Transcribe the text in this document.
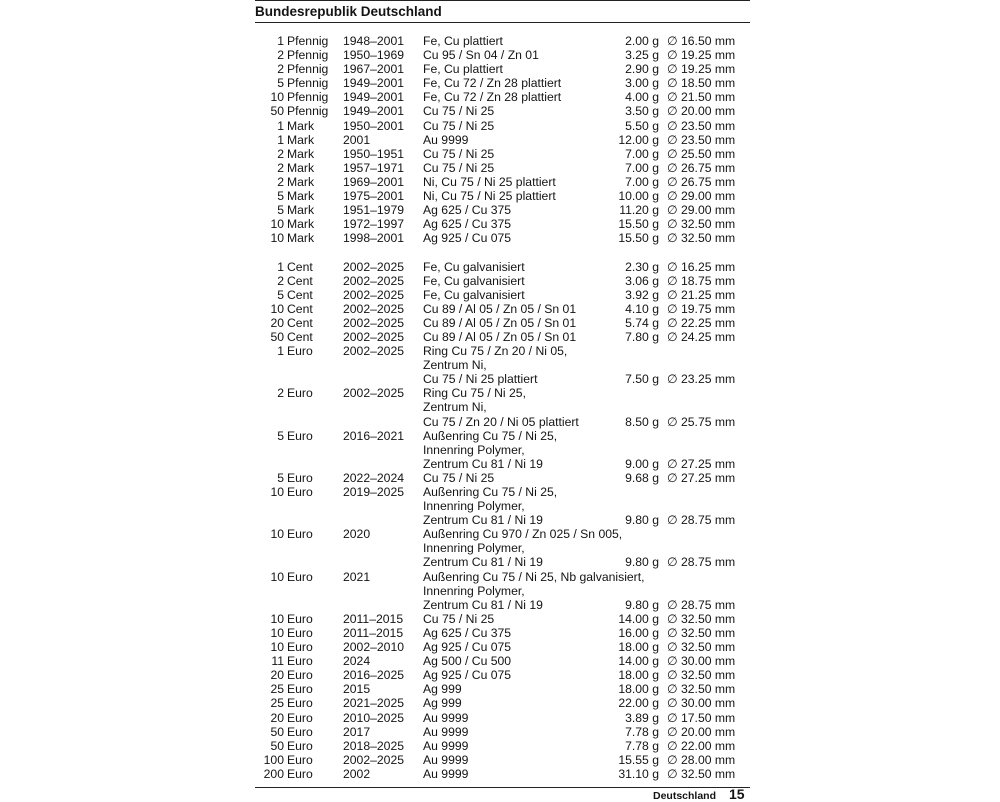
Bundesrepublik Deutschland
1 Pfennig 1948–2001 Fe, Cu plattiert	2.00 g ∅ 16.50 mm
2 Pfennig 1950–1969 Cu 95 / Sn 04 / Zn 01	3.25 g ∅ 19.25 mm
2 Pfennig 1967–2001 Fe, Cu plattiert	2.90 g ∅ 19.25 mm
5 Pfennig 1949–2001 Fe, Cu 72 / Zn 28 plattiert	3.00 g ∅ 18.50 mm
10 Pfennig 1949–2001 Fe, Cu 72 / Zn 28 plattiert	4.00 g ∅ 21.50 mm
50 Pfennig 1949–2001 Cu 75 / Ni 25	3.50 g ∅ 20.00 mm
1 Mark 1950–2001 Cu 75 / Ni 25	5.50 g ∅ 23.50 mm
1 Mark 2001	Au 9999	12.00 g ∅ 23.50 mm
2 Mark 1950–1951 Cu 75 / Ni 25	7.00 g ∅ 25.50 mm
2 Mark 1957–1971 Cu 75 / Ni 25	7.00 g ∅ 26.75 mm
2 Mark 1969–2001 Ni, Cu 75 / Ni 25 plattiert	7.00 g ∅ 26.75 mm
5 Mark 1975–2001 Ni, Cu 75 / Ni 25 plattiert	10.00 g ∅ 29.00 mm
5 Mark 1951–1979 Ag 625 / Cu 375	11.20 g ∅ 29.00 mm
10 Mark 1972–1997 Ag 625 / Cu 375	15.50 g ∅ 32.50 mm
10 Mark 1998–2001 Ag 925 / Cu 075	15.50 g ∅ 32.50 mm
1 Cent 2002–2025 Fe, Cu galvanisiert	2.30 g ∅ 16.25 mm
2 Cent 2002–2025 Fe, Cu galvanisiert	3.06 g ∅ 18.75 mm
5 Cent 2002–2025 Fe, Cu galvanisiert	3.92 g ∅ 21.25 mm
10 Cent 2002–2025 Cu 89 / Al 05 / Zn 05 / Sn 01	4.10 g ∅ 19.75 mm
20 Cent 2002–2025 Cu 89 / Al 05 / Zn 05 / Sn 01	5.74 g ∅ 22.25 mm
50 Cent 2002–2025 Cu 89 / Al 05 / Zn 05 / Sn 01	7.80 g ∅ 24.25 mm
1 Euro 2002–2025 Ring Cu 75 / Zn 20 / Ni 05,
Zentrum Ni,
Cu 75 / Ni 25 plattiert	7.50 g ∅ 23.25 mm
2 Euro 2002–2025 Ring Cu 75 / Ni 25,
Zentrum Ni,
Cu 75 / Zn 20 / Ni 05 plattiert	8.50 g ∅ 25.75 mm
5 Euro 2016–2021 Außenring Cu 75 / Ni 25,
Innenring Polymer,
Zentrum Cu 81 / Ni 19	9.00 g ∅ 27.25 mm
5 Euro 2022–2024 Cu 75 / Ni 25	9.68 g ∅ 27.25 mm
10 Euro 2019–2025 Außenring Cu 75 / Ni 25,
Innenring Polymer,
Zentrum Cu 81 / Ni 19	9.80 g ∅ 28.75 mm
10 Euro 2020	Außenring Cu 970 / Zn 025 / Sn 005,
Innenring Polymer,
Zentrum Cu 81 / Ni 19	9.80 g ∅ 28.75 mm
10 Euro 2021	Außenring Cu 75 / Ni 25, Nb galvanisiert,
Innenring Polymer,
Zentrum Cu 81 / Ni 19	9.80 g ∅ 28.75 mm
10 Euro 2011–2015 Cu 75 / Ni 25	14.00 g ∅ 32.50 mm
10 Euro 2011–2015 Ag 625 / Cu 375	16.00 g ∅ 32.50 mm
10 Euro 2002–2010 Ag 925 / Cu 075	18.00 g ∅ 32.50 mm
11 Euro 2024	Ag 500 / Cu 500	14.00 g ∅ 30.00 mm
20 Euro 2016–2025 Ag 925 / Cu 075	18.00 g ∅ 32.50 mm
25 Euro 2015	Ag 999	18.00 g ∅ 32.50 mm
25 Euro 2021–2025 Ag 999	22.00 g ∅ 30.00 mm
20 Euro 2010–2025 Au 9999	3.89 g ∅ 17.50 mm
50 Euro 2017	Au 9999	7.78 g ∅ 20.00 mm
50 Euro 2018–2025 Au 9999	7.78 g ∅ 22.00 mm
100 Euro 2002–2025 Au 9999	15.55 g ∅ 28.00 mm
200 Euro 2002	Au 9999	31.10 g ∅ 32.50 mm
Deutschland 15
